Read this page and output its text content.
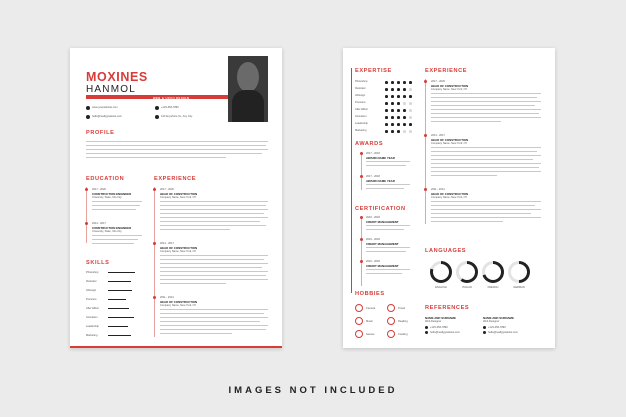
MOXINES
HANMOL
WEB & UX/UI DESIGN
www.yourwebsite.com	+123-456-7890
hello@reallygreatsite.com	123 Anywhere St., Any City
PROFILE
EDUCATION
2017 - 2020
CONSTRUCTION ENGINEER
University, State, Info City
2014 - 2017
CONSTRUCTION ENGINEER
University, State, Info City
SKILLS
Photoshop
Illustrator
InDesign
Premiere
After Effect
Animation
Leadership
Marketing
EXPERIENCE
2017 - 2020
HEAD OF CONSTRUCTION
Company Name, New York, NY
2014 - 2017
HEAD OF CONSTRUCTION
Company Name, New York, NY
2011 - 2014
HEAD OF CONSTRUCTION
Company Name, New York, NY
EXPERTISE
Photoshop
Illustrator
InDesign
Premiere
After Effect
Animation
Leadership
Marketing
AWARDS
2017 - 2018
AWARD NAME YEAR
2017 - 2018
AWARD NAME YEAR
CERTIFICATION
2016 - 2018
CREDIT MANAGEMENT
2016 - 2018
CREDIT MANAGEMENT
2016 - 2018
CREDIT MANAGEMENT
HOBBIES
Camera	Travel
Music	Reading
Games	Cooking
EXPERIENCE
2017 - 2020
HEAD OF CONSTRUCTION
Company Name, New York, NY
2014 - 2017
HEAD OF CONSTRUCTION
Company Name, New York, NY
2011 - 2014
HEAD OF CONSTRUCTION
Company Name, New York, NY
LANGUAGES
ENGLISH	ITALIAN	FRENCH	GERMAN
REFERENCES
NAME AND SURNAME
Web Designer
+123-456-7890
hello@reallygreatsite.com
NAME AND SURNAME
Web Designer
+123-456-7890
hello@reallygreatsite.com
IMAGES NOT INCLUDED
